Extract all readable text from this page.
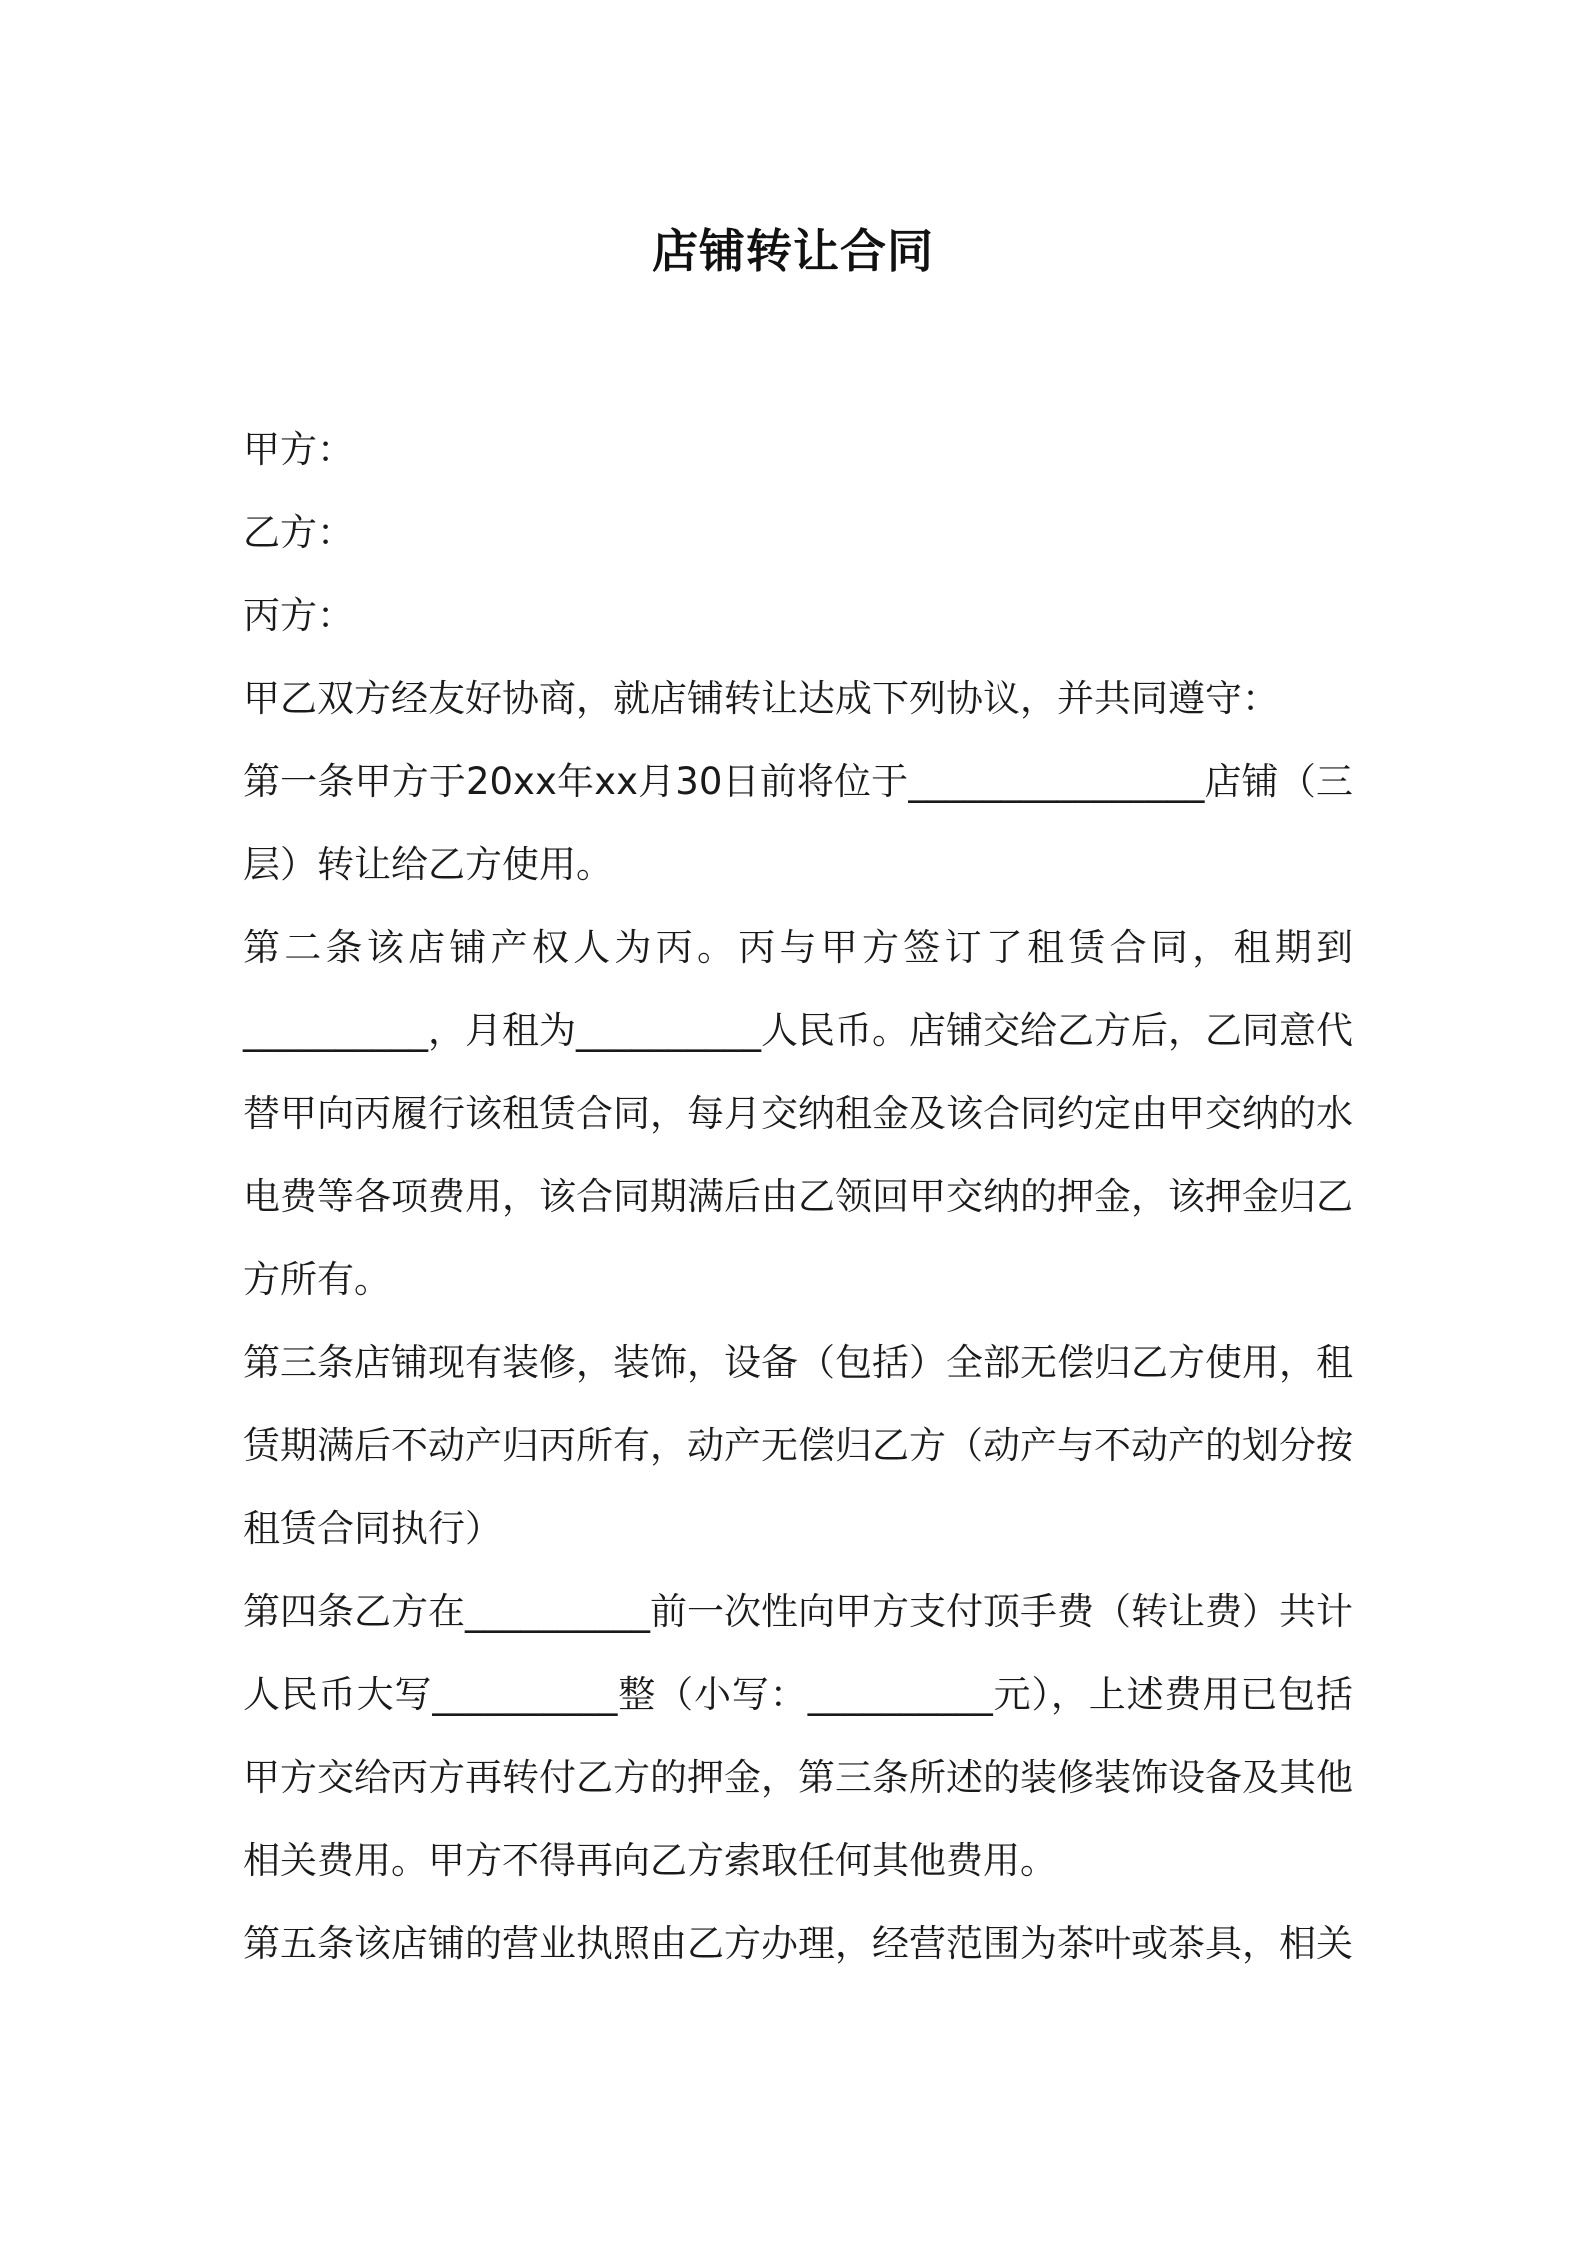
店铺转让合同

甲方：

乙方：

丙方：

甲乙双方经友好协商，就店铺转让达成下列协议，并共同遵守：

第一条甲方于20xx年xx月30日前将位于________________店铺（三层）转让给乙方使用。

第二条该店铺产权人为丙。丙与甲方签订了租赁合同，租期到__________，月租为__________人民币。店铺交给乙方后，乙同意代替甲向丙履行该租赁合同，每月交纳租金及该合同约定由甲交纳的水电费等各项费用，该合同期满后由乙领回甲交纳的押金，该押金归乙方所有。

第三条店铺现有装修，装饰，设备（包括）全部无偿归乙方使用，租赁期满后不动产归丙所有，动产无偿归乙方（动产与不动产的划分按租赁合同执行）

第四条乙方在__________前一次性向甲方支付顶手费（转让费）共计人民币大写__________整（小写：__________元），上述费用已包括甲方交给丙方再转付乙方的押金，第三条所述的装修装饰设备及其他相关费用。甲方不得再向乙方索取任何其他费用。

第五条该店铺的营业执照由乙方办理，经营范围为茶叶或茶具，相关
